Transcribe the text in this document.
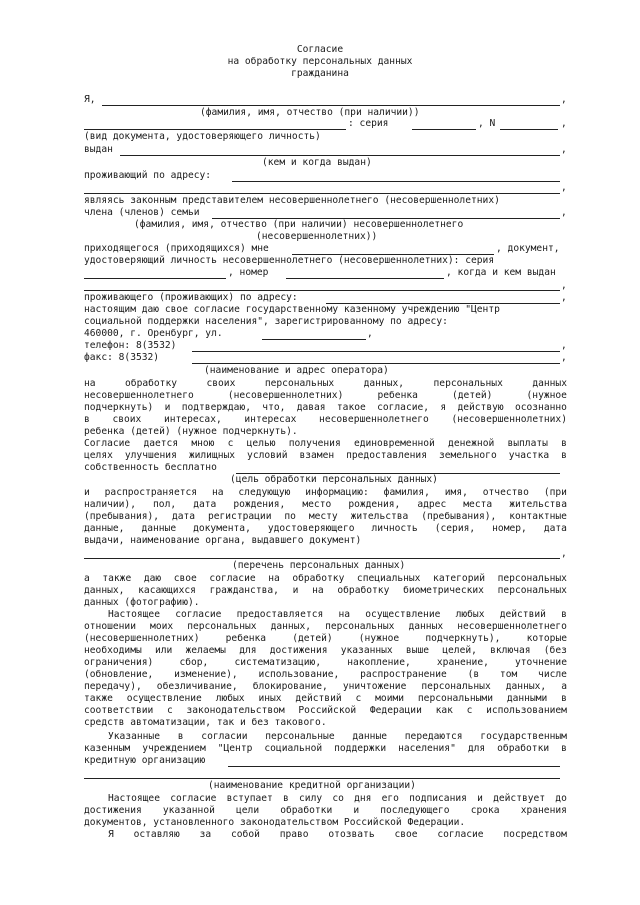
Согласие
на обработку персональных данных
гражданина
Я,	,
(фамилия, имя, отчество (при наличии))
: серия	, N	,
(вид документа, удостоверяющего личность)
выдан	,
(кем и когда выдан)
проживающий по адресу:
,
являясь законным представителем несовершеннолетнего (несовершеннолетних)
члена (членов) семьи	,
(фамилия, имя, отчество (при наличии) несовершеннолетнего
(несовершеннолетних))
приходящегося (приходящихся) мне	, документ,
удостоверяющий личность несовершеннолетнего (несовершеннолетних): серия
, номер	, когда и кем выдан
,
проживающего (проживающих) по адресу:	,
настоящим даю свое согласие государственному казенному учреждению "Центр
социальной поддержки населения", зарегистрированному по адресу:
460000, г. Оренбург, ул.	,
телефон: 8(3532)	,
факс: 8(3532)	,
(наименование и адрес оператора)
на	обработку	своих	персональных	данных,	персональных	данных
несовершеннолетнего	(несовершеннолетних)	ребенка	(детей)	(нужное
подчеркнуть) и подтверждаю, что, давая такое согласие, я действую осознанно
в своих интересах, интересах несовершеннолетнего (несовершеннолетних)
ребенка (детей) (нужное подчеркнуть).
Согласие дается мною с целью получения единовременной денежной выплаты в
целях улучшения жилищных условий взамен предоставления земельного участка в
собственность бесплатно
(цель обработки персональных данных)
и распространяется на следующую информацию: фамилия, имя, отчество (при
наличии), пол, дата рождения, место рождения, адрес места жительства
(пребывания), дата регистрации по месту жительства (пребывания), контактные
данные, данные документа, удостоверяющего личность (серия, номер, дата
выдачи, наименование органа, выдавшего документ)
,
(перечень персональных данных)
а также даю свое согласие на обработку специальных категорий персональных
данных, касающихся гражданства, и на обработку биометрических персональных
данных (фотографию).
Настоящее согласие предоставляется на осуществление любых действий в
отношении моих персональных данных, персональных данных несовершеннолетнего
(несовершеннолетних)	ребенка	(детей)	(нужное	подчеркнуть),	которые
необходимы или желаемы для достижения указанных выше целей, включая (без
ограничения)	сбор,	систематизацию,	накопление,	хранение,	уточнение
(обновление, изменение), использование, распространение (в том числе
передачу), обезличивание, блокирование, уничтожение персональных данных, а
также осуществление любых иных действий с моими персональными данными в
соответствии с законодательством Российской Федерации как с использованием
средств автоматизации, так и без такового.
Указанные в согласии персональные данные передаются государственным
казенным учреждением "Центр социальной поддержки населения" для обработки в
кредитную организацию
(наименование кредитной организации)
Настоящее согласие вступает в силу со дня его подписания и действует до
достижения указанной цели обработки и последующего срока хранения
документов, установленного законодательством Российской Федерации.
Я оставляю за собой право отозвать свое согласие посредством
